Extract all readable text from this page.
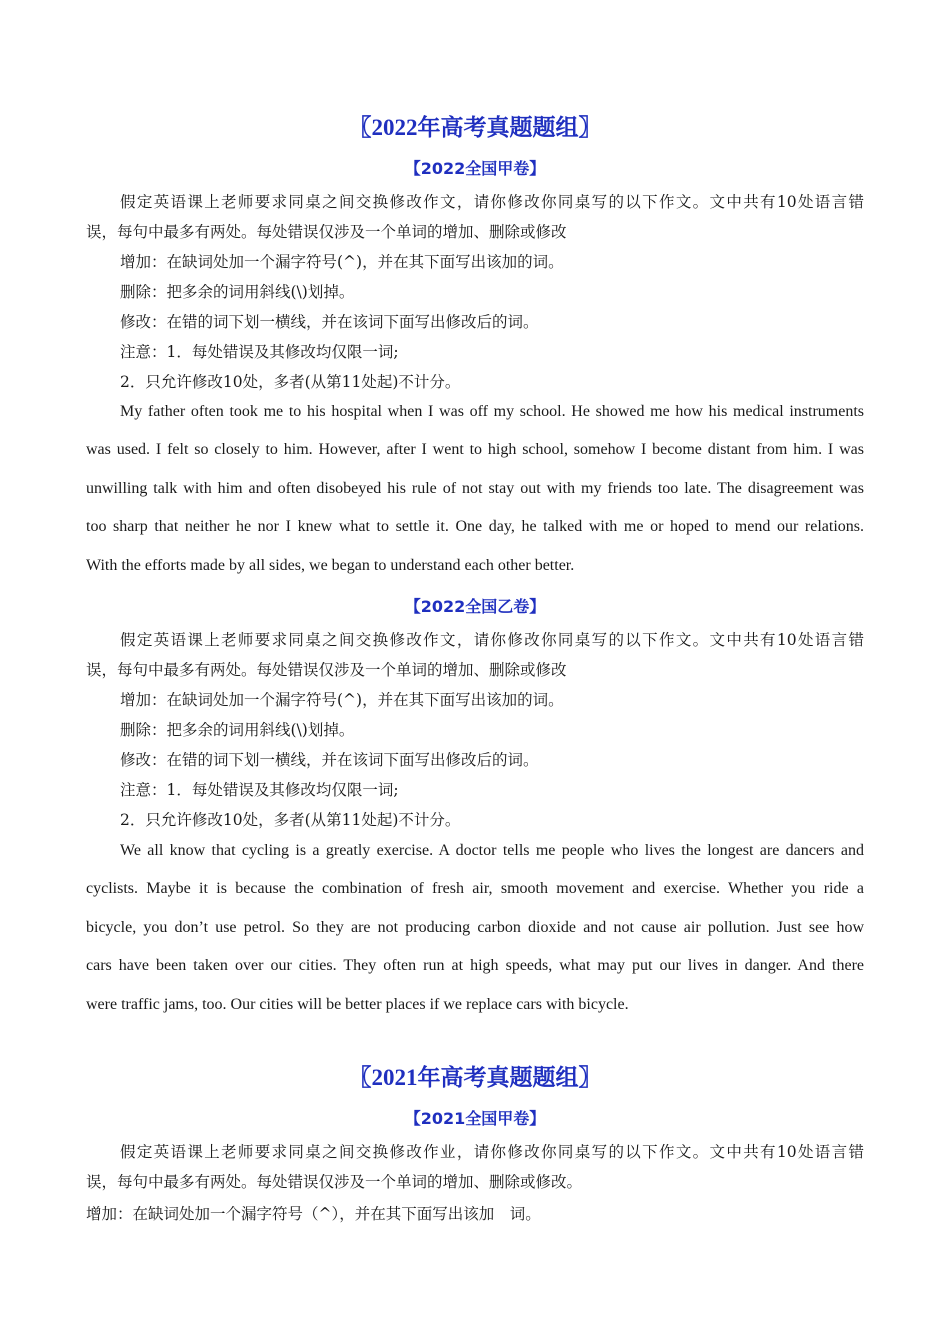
〖2022年高考真题题组〗
【2022全国甲卷】
假定英语课上老师要求同桌之间交换修改作文，请你修改你同桌写的以下作文。文中共有10处语言错
误，每句中最多有两处。每处错误仅涉及一个单词的增加、删除或修改
增加：在缺词处加一个漏字符号(^)，并在其下面写出该加的词。
删除：把多余的词用斜线(\)划掉。
修改：在错的词下划一横线，并在该词下面写出修改后的词。
注意：1．每处错误及其修改均仅限一词;
2．只允许修改10处，多者(从第11处起)不计分。
My father often took me to his hospital when I was off my school. He showed me how his medical instruments
was used. I felt so closely to him. However, after I went to high school, somehow I become distant from him. I was
unwilling talk with him and often disobeyed his rule of not stay out with my friends too late. The disagreement was
too sharp that neither he nor I knew what to settle it. One day, he talked with me or hoped to mend our relations.
With the efforts made by all sides, we began to understand each other better.
【2022全国乙卷】
假定英语课上老师要求同桌之间交换修改作文，请你修改你同桌写的以下作文。文中共有10处语言错
误，每句中最多有两处。每处错误仅涉及一个单词的增加、删除或修改
增加：在缺词处加一个漏字符号(^)，并在其下面写出该加的词。
删除：把多余的词用斜线(\)划掉。
修改：在错的词下划一横线，并在该词下面写出修改后的词。
注意：1．每处错误及其修改均仅限一词;
2．只允许修改10处，多者(从第11处起)不计分。
We all know that cycling is a greatly exercise. A doctor tells me people who lives the longest are dancers and
cyclists. Maybe it is because the combination of fresh air, smooth movement and exercise. Whether you ride a
bicycle, you don’t use petrol. So they are not producing carbon dioxide and not cause air pollution. Just see how
cars have been taken over our cities. They often run at high speeds, what may put our lives in danger. And there
were traffic jams, too. Our cities will be better places if we replace cars with bicycle.
〖2021年高考真题题组〗
【2021全国甲卷】
假定英语课上老师要求同桌之间交换修改作业，请你修改你同桌写的以下作文。文中共有10处语言错
误，每句中最多有两处。每处错误仅涉及一个单词的增加、删除或修改。
增加：在缺词处加一个漏字符号（^），并在其下面写出该加　词。
